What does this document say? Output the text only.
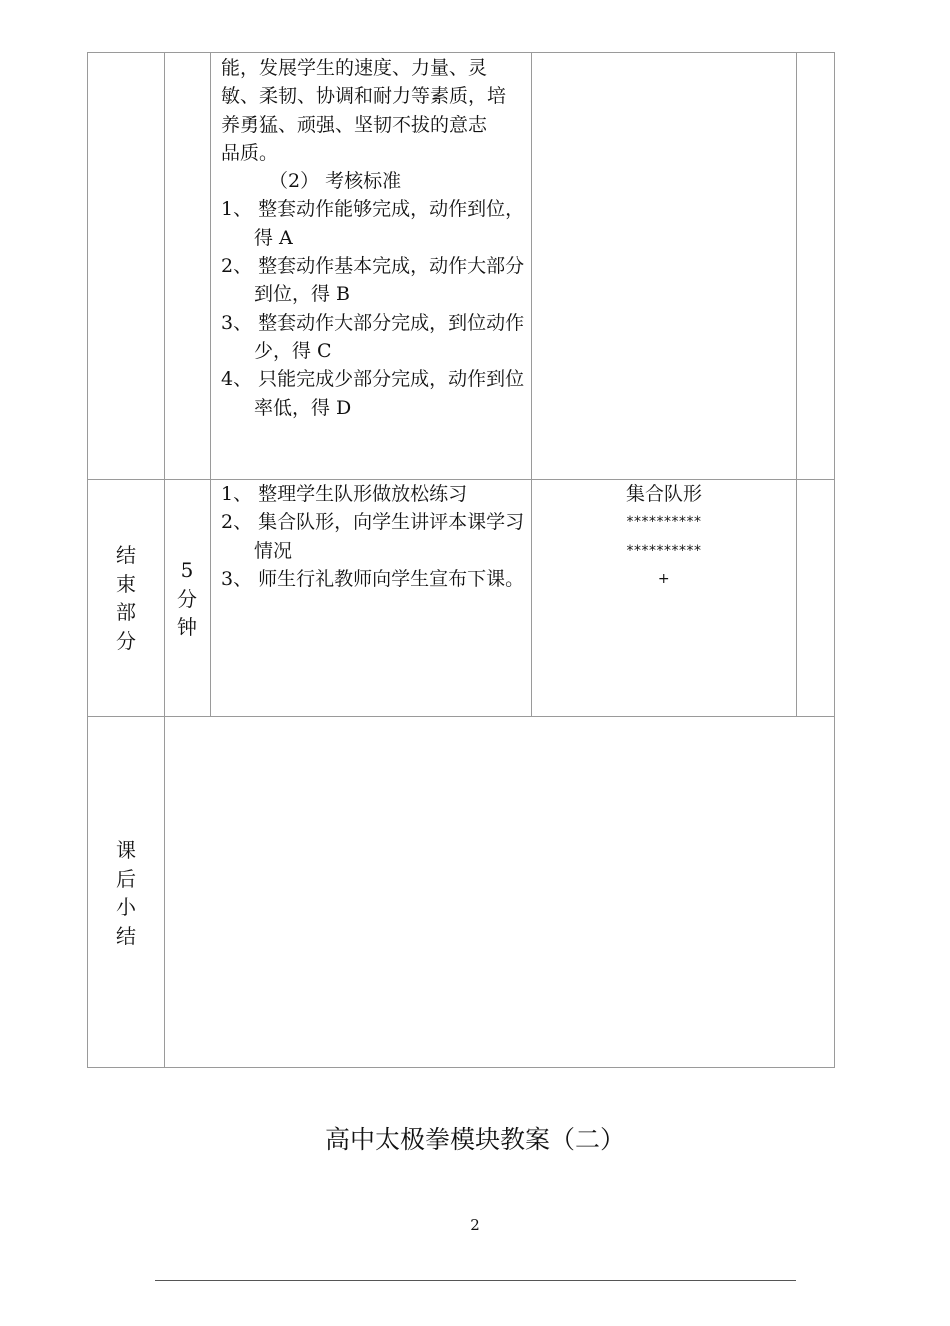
能，发展学生的速度、力量、灵
敏、柔韧、协调和耐力等素质，培
养勇猛、顽强、坚韧不拔的意志
品质。
（2） 考核标准
1、 整套动作能够完成，动作到位，得 A
2、 整套动作基本完成，动作大部分到位，得 B
3、 整套动作大部分完成，到位动作少，得 C
4、 只能完成少部分完成，动作到位率低，得 D
结
束
部
分
5
分
钟
1、 整理学生队形做放松练习
2、 集合队形，向学生讲评本课学习情况
3、 师生行礼教师向学生宣布下课。
集合队形
**********
**********
+
课
后
小
结
高中太极拳模块教案（二）
2
